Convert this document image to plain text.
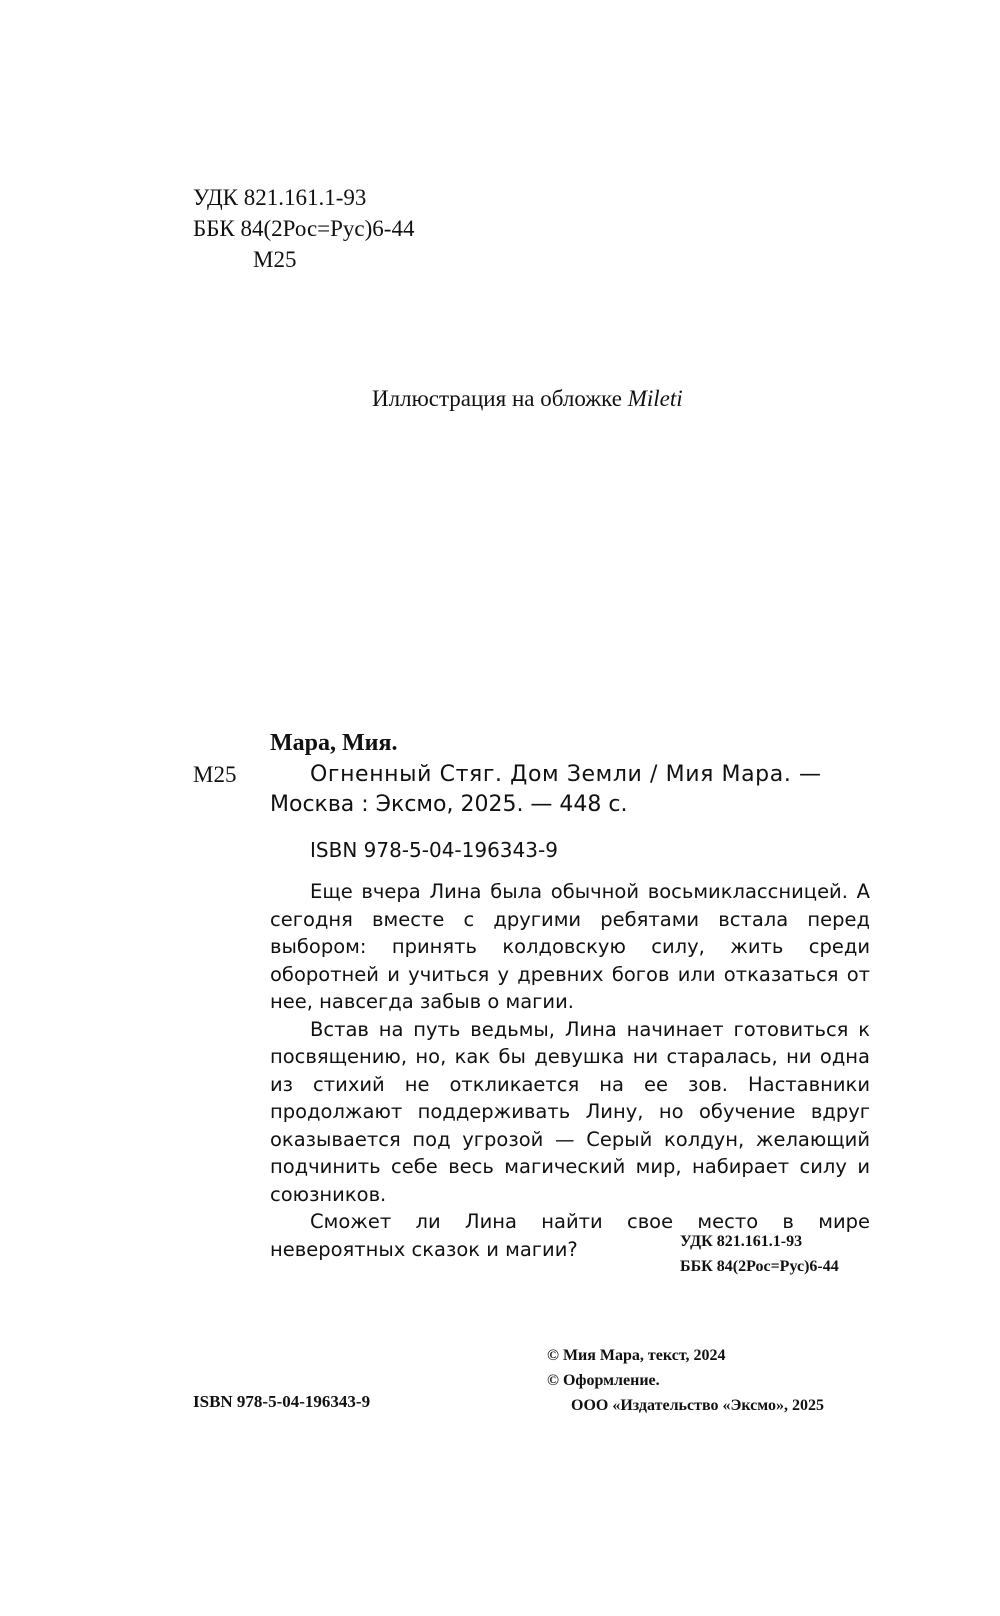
УДК 821.161.1-93
ББК 84(2Рос=Рус)6-44
М25
Иллюстрация на обложке Mileti
Мара, Мия.
М25	Огненный Стяг. Дом Земли / Мия Мара. —
Москва : Эксмо, 2025. — 448 с.
ISBN 978-5-04-196343-9

Еще вчера Лина была обычной восьмиклассницей. А сегодня вместе с другими ребятами встала перед выбором: принять колдовскую силу, жить среди оборотней и учиться у древних богов или отказаться от нее, навсегда забыв о магии.

Встав на путь ведьмы, Лина начинает готовиться к посвящению, но, как бы девушка ни старалась, ни одна из стихий не откликается на ее зов. Наставники продолжают поддерживать Лину, но обучение вдруг оказывается под угрозой — Серый колдун, желающий подчинить себе весь магический мир, набирает силу и союзников.

Сможет ли Лина найти свое место в мире невероятных сказок и магии?	УДК 821.161.1-93
ББК 84(2Рос=Рус)6-44
© Мия Мара, текст, 2024
© Оформление.
ООО «Издательство «Эксмо», 2025
ISBN 978-5-04-196343-9
